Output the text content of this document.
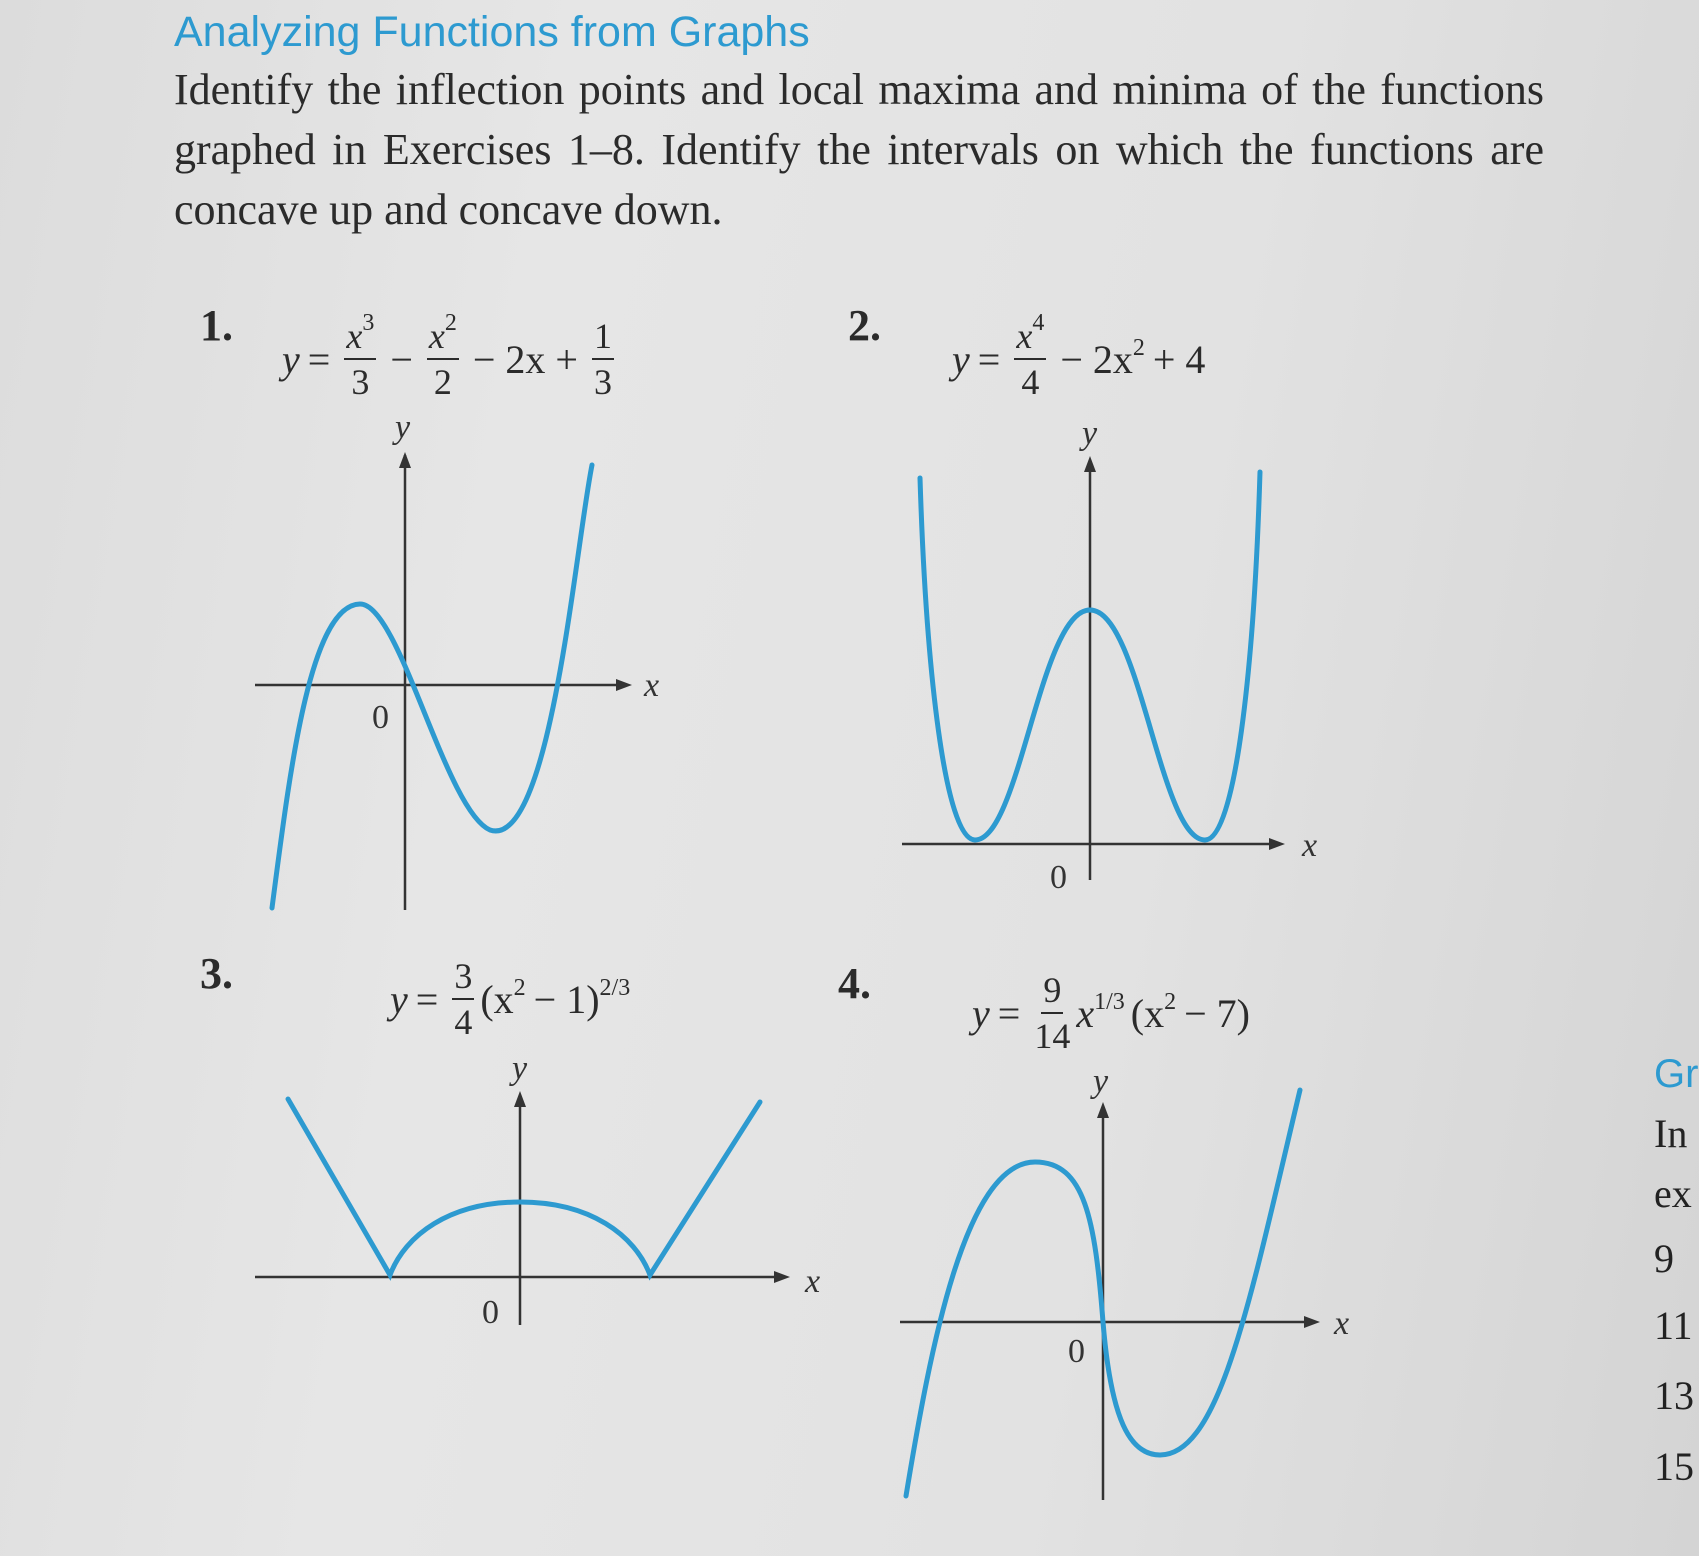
Analyzing Functions from Graphs
Identify the inflection points and local maxima and minima of the functions graphed in Exercises 1–8. Identify the intervals on which the functions are concave up and concave down.
1.
$y = \frac{x^3}{3} - \frac{x^2}{2} - 2x + \frac{1}{3}$
y
x
0
2.
$y = \frac{x^4}{4} - 2x^2 + 4$
y
x
0
3.
$y = \frac{3}{4} (x^2 - 1)^{2/3}$
y
x
0
4.
$y = \frac{9}{14} x^{1/3}$ $(x^2 - 7)$
y
x
0
Gr
In
ex
9
11
13
15
